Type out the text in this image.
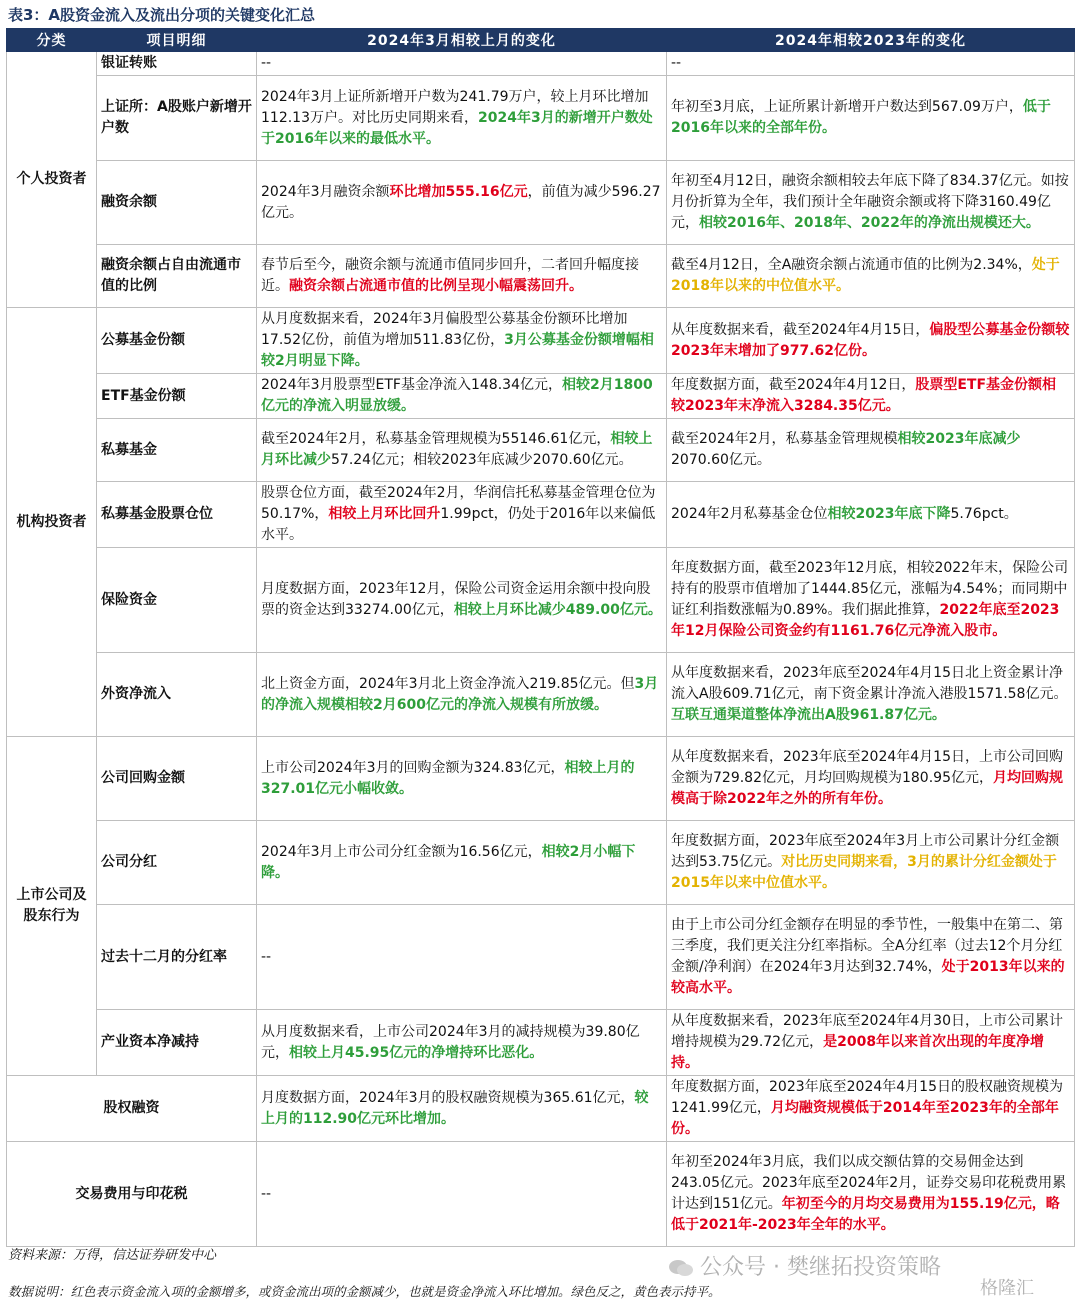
表3：A股资金流入及流出分项的关键变化汇总
分类	项目明细	2024年3月相较上月的变化	2024年相较2023年的变化
个人投资者	银证转账	--	--
	上证所：A股账户新增开户数	2024年3月上证所新增开户数为241.79万户，较上月环比增加112.13万户。对比历史同期来看，2024年3月的新增开户数处于2016年以来的最低水平。	年初至3月底，上证所累计新增开户数达到567.09万户，低于2016年以来的全部年份。
	融资余额	2024年3月融资余额环比增加555.16亿元，前值为减少596.27亿元。	年初至4月12日，融资余额相较去年底下降了834.37亿元。如按月份折算为全年，我们预计全年融资余额或将下降3160.49亿元，相较2016年、2018年、2022年的净流出规模还大。
	融资余额占自由流通市值的比例	春节后至今，融资余额与流通市值同步回升，二者回升幅度接近。融资余额占流通市值的比例呈现小幅震荡回升。	截至4月12日，全A融资余额占流通市值的比例为2.34%，处于2018年以来的中位值水平。
机构投资者	公募基金份额	从月度数据来看，2024年3月偏股型公募基金份额环比增加17.52亿份，前值为增加511.83亿份，3月公募基金份额增幅相较2月明显下降。	从年度数据来看，截至2024年4月15日，偏股型公募基金份额较2023年末增加了977.62亿份。
	ETF基金份额	2024年3月股票型ETF基金净流入148.34亿元，相较2月1800亿元的净流入明显放缓。	年度数据方面，截至2024年4月12日，股票型ETF基金份额相较2023年末净流入3284.35亿元。
	私募基金	截至2024年2月，私募基金管理规模为55146.61亿元，相较上月环比减少57.24亿元；相较2023年底减少2070.60亿元。	截至2024年2月，私募基金管理规模相较2023年底减少2070.60亿元。
	私募基金股票仓位	股票仓位方面，截至2024年2月，华润信托私募基金管理仓位为50.17%，相较上月环比回升1.99pct，仍处于2016年以来偏低水平。	2024年2月私募基金仓位相较2023年底下降5.76pct。
	保险资金	月度数据方面，2023年12月，保险公司资金运用余额中投向股票的资金达到33274.00亿元，相较上月环比减少489.00亿元。	年度数据方面，截至2023年12月底，相较2022年末，保险公司持有的股票市值增加了1444.85亿元，涨幅为4.54%；而同期中证红利指数涨幅为0.89%。我们据此推算，2022年底至2023年12月保险公司资金约有1161.76亿元净流入股市。
	外资净流入	北上资金方面，2024年3月北上资金净流入219.85亿元。但3月的净流入规模相较2月600亿元的净流入规模有所放缓。	从年度数据来看，2023年底至2024年4月15日北上资金累计净流入A股609.71亿元，南下资金累计净流入港股1571.58亿元。互联互通渠道整体净流出A股961.87亿元。
上市公司及股东行为	公司回购金额	上市公司2024年3月的回购金额为324.83亿元，相较上月的327.01亿元小幅收敛。	从年度数据来看，2023年底至2024年4月15日，上市公司回购金额为729.82亿元，月均回购规模为180.95亿元，月均回购规模高于除2022年之外的所有年份。
	公司分红	2024年3月上市公司分红金额为16.56亿元，相较2月小幅下降。	年度数据方面，2023年底至2024年3月上市公司累计分红金额达到53.75亿元。对比历史同期来看，3月的累计分红金额处于2015年以来中位值水平。
	过去十二月的分红率	--	由于上市公司分红金额存在明显的季节性，一般集中在第二、第三季度，我们更关注分红率指标。全A分红率（过去12个月分红金额/净利润）在2024年3月达到32.74%，处于2013年以来的较高水平。
	产业资本净减持	从月度数据来看，上市公司2024年3月的减持规模为39.80亿元，相较上月45.95亿元的净增持环比恶化。	从年度数据来看，2023年底至2024年4月30日，上市公司累计增持规模为29.72亿元，是2008年以来首次出现的年度净增持。
股权融资		月度数据方面，2024年3月的股权融资规模为365.61亿元，较上月的112.90亿元环比增加。	年度数据方面，2023年底至2024年4月15日的股权融资规模为1241.99亿元，月均融资规模低于2014年至2023年的全部年份。
交易费用与印花税		--	年初至2024年3月底，我们以成交额估算的交易佣金达到243.05亿元。2023年底至2024年2月，证券交易印花税费用累计达到151亿元。年初至今的月均交易费用为155.19亿元，略低于2021年-2023年全年的水平。
资料来源：万得，信达证券研发中心
数据说明：红色表示资金流入项的金额增多，或资金流出项的金额减少，也就是资金净流入环比增加。绿色反之，黄色表示持平。
公众号 · 樊继拓投资策略
格隆汇
